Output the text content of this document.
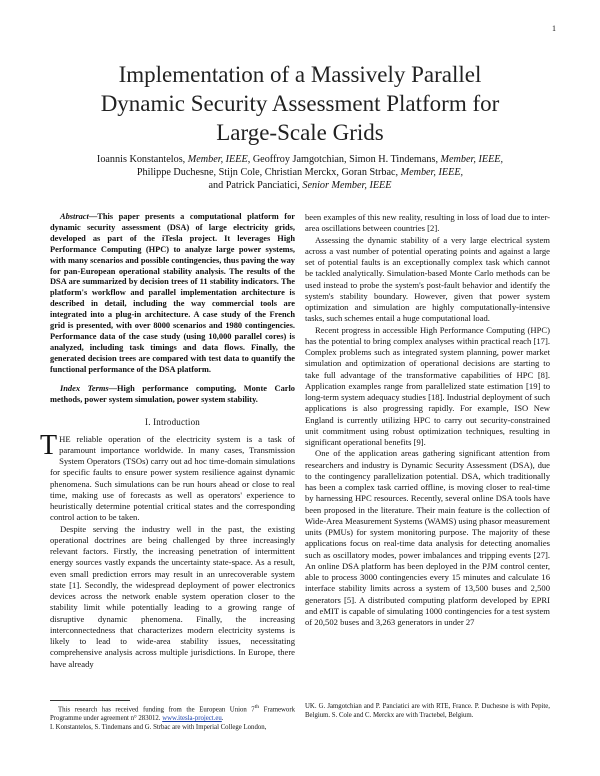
1
Implementation of a Massively Parallel
Dynamic Security Assessment Platform for
Large-Scale Grids
Ioannis Konstantelos, Member, IEEE, Geoffroy Jamgotchian, Simon H. Tindemans, Member, IEEE,
Philippe Duchesne, Stijn Cole, Christian Merckx, Goran Strbac, Member, IEEE,
and Patrick Panciatici, Senior Member, IEEE

Abstract—This paper presents a computational platform for dynamic security assessment (DSA) of large electricity grids, developed as part of the iTesla project. It leverages High Performance Computing (HPC) to analyze large power systems, with many scenarios and possible contingencies, thus paving the way for pan-European operational stability analysis. The results of the DSA are summarized by decision trees of 11 stability indicators. The platform's workflow and parallel implementation architecture is described in detail, including the way commercial tools are integrated into a plug-in architecture. A case study of the French grid is presented, with over 8000 scenarios and 1980 contingencies. Performance data of the case study (using 10,000 parallel cores) is analyzed, including task timings and data flows. Finally, the generated decision trees are compared with test data to quantify the functional performance of the DSA platform.

Index Terms—High performance computing, Monte Carlo methods, power system simulation, power system stability.

I. Introduction

THE reliable operation of the electricity system is a task of paramount importance worldwide. In many cases, Transmission System Operators (TSOs) carry out ad hoc time-domain simulations for specific faults to ensure power system resilience against dynamic phenomena. Such simulations can be run hours ahead or close to real time, making use of forecasts as well as operators' experience to heuristically determine potential critical states and the corresponding control action to be taken.

Despite serving the industry well in the past, the existing operational doctrines are being challenged by three increasingly relevant factors. Firstly, the increasing penetration of intermittent energy sources vastly expands the uncertainty state-space. As a result, even small prediction errors may result in an unrecoverable system state [1]. Secondly, the widespread deployment of power electronics devices across the network enable system operation closer to the stability limit while potentially leading to a growing range of disruptive dynamic phenomena. Finally, the increasing interconnectedness that characterizes modern electricity systems is likely to lead to wide-area stability issues, necessitating comprehensive analysis across multiple jurisdictions. In Europe, there have already

been examples of this new reality, resulting in loss of load due to inter-area oscillations between countries [2].

Assessing the dynamic stability of a very large electrical system across a vast number of potential operating points and against a large set of potential faults is an exceptionally complex task which cannot be tackled analytically. Simulation-based Monte Carlo methods can be used instead to probe the system's post-fault behavior and identify the system's stability boundary. However, given that power system optimization and simulation are highly computationally-intensive tasks, such schemes entail a huge computational load.

Recent progress in accessible High Performance Computing (HPC) has the potential to bring complex analyses within practical reach [17]. Complex problems such as integrated system planning, power market simulation and optimization of operational decisions are starting to take full advantage of the transformative capabilities of HPC [8]. Application examples range from parallelized state estimation [19] to long-term system adequacy studies [18]. Industrial deployment of such applications is also progressing rapidly. For example, ISO New England is currently utilizing HPC to carry out security-constrained unit commitment using robust optimization techniques, resulting in significant operational benefits [9].

One of the application areas gathering significant attention from researchers and industry is Dynamic Security Assessment (DSA), due to the contingency parallelization potential. DSA, which traditionally has been a complex task carried offline, is moving closer to real-time by harnessing HPC resources. Recently, several online DSA tools have been proposed in the literature. Their main feature is the collection of Wide-Area Measurement Systems (WAMS) using phasor measurement units (PMUs) for system monitoring purpose. The majority of these applications focus on real-time data analysis for detecting anomalies such as oscillatory modes, power imbalances and tripping events [27]. An online DSA platform has been deployed in the PJM control center, able to process 3000 contingencies every 15 minutes and calculate 16 interface stability limits across a system of 13,500 buses and 2,500 generators [5]. A distributed computing platform developed by EPRI and eMIT is capable of simulating 1000 contingencies for a test system of 20,502 buses and 3,263 generators in under 27

This research has received funding from the European Union 7th Framework Programme under agreement n° 283012. www.itesla-project.eu.

I. Konstantelos, S. Tindemans and G. Strbac are with Imperial College London,

UK. G. Jamgotchian and P. Panciatici are with RTE, France. P. Duchesne is with Pepite, Belgium. S. Cole and C. Merckx are with Tractebel, Belgium.
